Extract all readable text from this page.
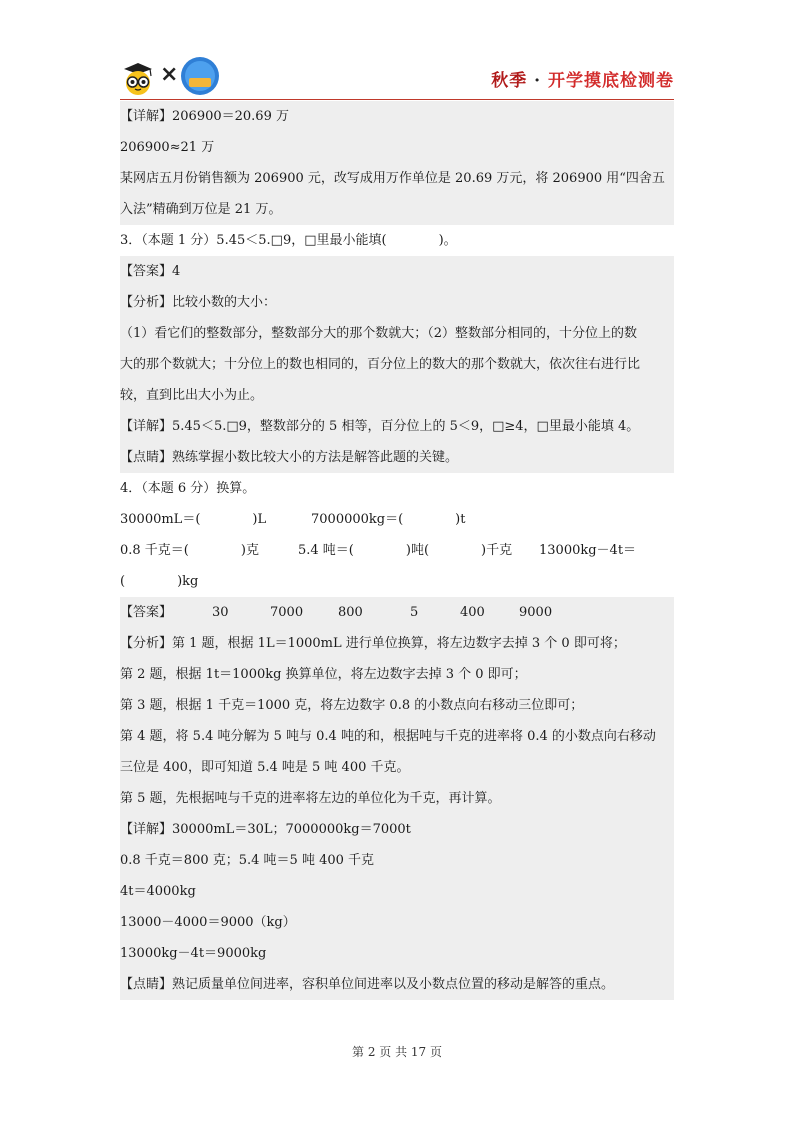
×	秋季 · 开学摸底检测卷
【详解】206900＝20.69 万
206900≈21 万
某网店五月份销售额为 206900 元，改写成用万作单位是 20.69 万元，将 206900 用“四舍五
入法”精确到万位是 21 万。
3．（本题 1 分）5.45＜5.□9，□里最小能填(　　　　)。
【答案】4
【分析】比较小数的大小：
（1）看它们的整数部分，整数部分大的那个数就大；（2）整数部分相同的，十分位上的数
大的那个数就大；十分位上的数也相同的，百分位上的数大的那个数就大，依次往右进行比
较，直到比出大小为止。
【详解】5.45＜5.□9，整数部分的 5 相等，百分位上的 5＜9，□≥4，□里最小能填 4。
【点睛】熟练掌握小数比较大小的方法是解答此题的关键。
4．（本题 6 分）换算。
30000mL＝(　　　　)L	7000000kg＝(　　　　)t
0.8 千克＝(　　　　)克	5.4 吨＝(　　　　)吨(　　　　)千克 13000kg－4t＝
(　　　　)kg
【答案】	30	7000	800	5	400	9000
【分析】第 1 题，根据 1L＝1000mL 进行单位换算，将左边数字去掉 3 个 0 即可将；
第 2 题，根据 1t＝1000kg 换算单位，将左边数字去掉 3 个 0 即可；
第 3 题，根据 1 千克＝1000 克，将左边数字 0.8 的小数点向右移动三位即可；
第 4 题，将 5.4 吨分解为 5 吨与 0.4 吨的和，根据吨与千克的进率将 0.4 的小数点向右移动
三位是 400，即可知道 5.4 吨是 5 吨 400 千克。
第 5 题，先根据吨与千克的进率将左边的单位化为千克，再计算。
【详解】30000mL＝30L；7000000kg＝7000t
0.8 千克＝800 克；5.4 吨＝5 吨 400 千克
4t＝4000kg
13000－4000＝9000（kg）
13000kg－4t＝9000kg
【点睛】熟记质量单位间进率，容积单位间进率以及小数点位置的移动是解答的重点。
第 2 页 共 17 页
